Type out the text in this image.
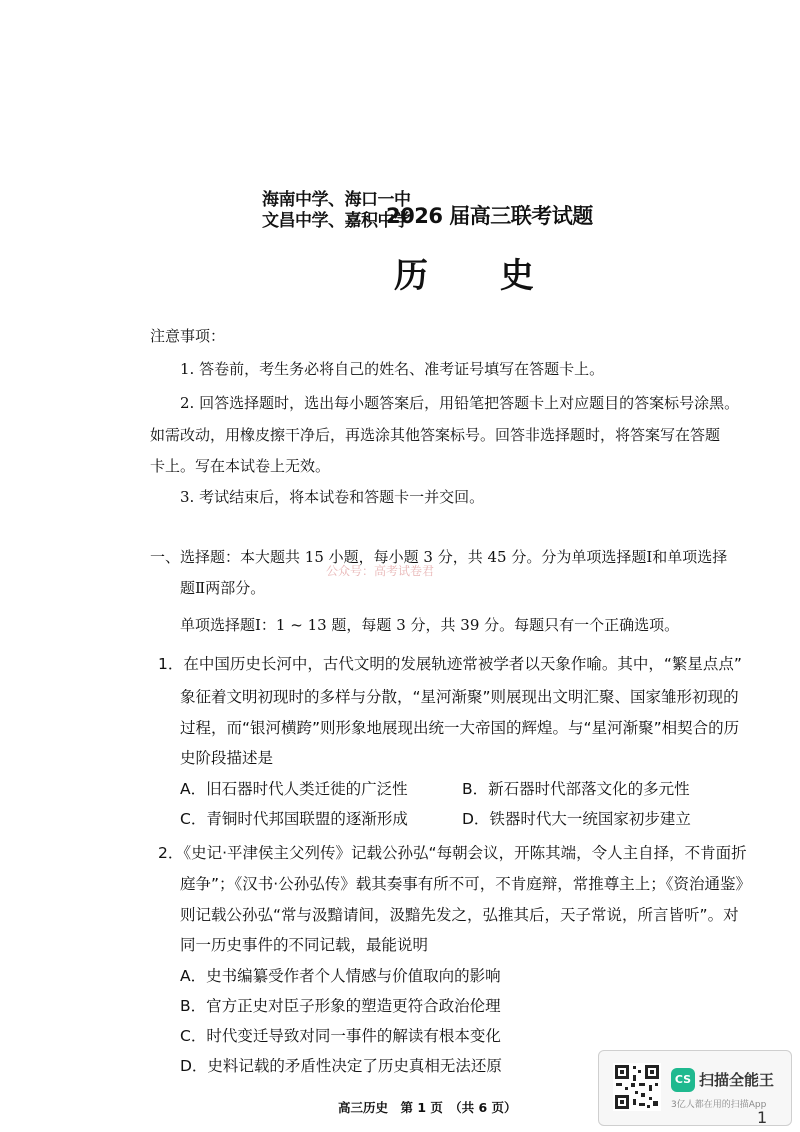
海南中学、海口一中
文昌中学、嘉积中学
2026 届高三联考试题
历 史
注意事项：
1. 答卷前，考生务必将自己的姓名、准考证号填写在答题卡上。
2. 回答选择题时，选出每小题答案后，用铅笔把答题卡上对应题目的答案标号涂黑。
如需改动，用橡皮擦干净后，再选涂其他答案标号。回答非选择题时，将答案写在答题
卡上。写在本试卷上无效。
3. 考试结束后，将本试卷和答题卡一并交回。
一、选择题：本大题共 15 小题，每小题 3 分，共 45 分。分为单项选择题Ⅰ和单项选择
题Ⅱ两部分。
公众号：高考试卷君
单项选择题Ⅰ：1 ~ 13 题，每题 3 分，共 39 分。每题只有一个正确选项。
1．在中国历史长河中，古代文明的发展轨迹常被学者以天象作喻。其中，“繁星点点”
象征着文明初现时的多样与分散，“星河渐聚”则展现出文明汇聚、国家雏形初现的
过程，而“银河横跨”则形象地展现出统一大帝国的辉煌。与“星河渐聚”相契合的历
史阶段描述是
A．旧石器时代人类迁徙的广泛性	B．新石器时代部落文化的多元性
C．青铜时代邦国联盟的逐渐形成	D．铁器时代大一统国家初步建立
2．《史记·平津侯主父列传》记载公孙弘“每朝会议，开陈其端，令人主自择，不肯面折
庭争”；《汉书·公孙弘传》载其奏事有所不可，不肯庭辩，常推尊主上；《资治通鉴》
则记载公孙弘“常与汲黯请间，汲黯先发之，弘推其后，天子常说，所言皆听”。对
同一历史事件的不同记载，最能说明
A．史书编纂受作者个人情感与价值取向的影响
B．官方正史对臣子形象的塑造更符合政治伦理
C．时代变迁导致对同一事件的解读有根本变化
D．史料记载的矛盾性决定了历史真相无法还原
高三历史　第 1 页　（共 6 页）
CS 扫描全能王
3亿人都在用的扫描App
1
